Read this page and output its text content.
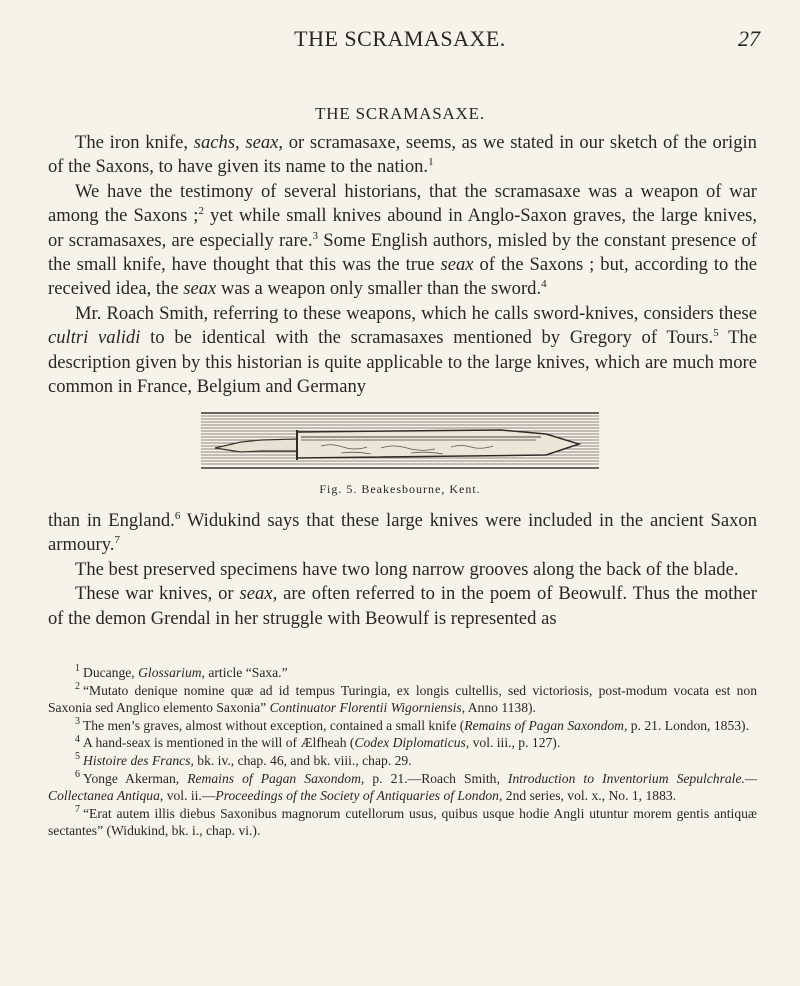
THE SCRAMASAXE.	27
THE SCRAMASAXE.

The iron knife, sachs, seax, or scramasaxe, seems, as we stated in our sketch of the origin of the Saxons, to have given its name to the nation.$^1$

We have the testimony of several historians, that the scramasaxe was a weapon of war among the Saxons ;$^2$ yet while small knives abound in Anglo-Saxon graves, the large knives, or scramasaxes, are especially rare.$^3$ Some English authors, misled by the constant presence of the small knife, have thought that this was the true seax of the Saxons ; but, according to the received idea, the seax was a weapon only smaller than the sword.$^4$

Mr. Roach Smith, referring to these weapons, which he calls sword-knives, considers these cultri validi to be identical with the scramasaxes mentioned by Gregory of Tours.$^5$ The description given by this historian is quite applicable to the large knives, which are much more common in France, Belgium and Germany

Fig. 5. Beakesbourne, Kent.

than in England.$^6$ Widukind says that these large knives were included in the ancient Saxon armoury.$^7$

The best preserved specimens have two long narrow grooves along the back of the blade.

These war knives, or seax, are often referred to in the poem of Beowulf. Thus the mother of the demon Grendal in her struggle with Beowulf is represented as

$^1$ Ducange, Glossarium, article “Saxa.”

$^2$ “Mutato denique nomine quæ ad id tempus Turingia, ex longis cultellis, sed victoriosis, post-modum vocata est non Saxonia sed Anglico elemento Saxonia” Continuator Florentii Wigorniensis, Anno 1138).

$^3$ The men’s graves, almost without exception, contained a small knife (Remains of Pagan Saxondom, p. 21. London, 1853).

$^4$ A hand-seax is mentioned in the will of Ælfheah (Codex Diplomaticus, vol. iii., p. 127).

$^5$ Histoire des Francs, bk. iv., chap. 46, and bk. viii., chap. 29.

$^6$ Yonge Akerman, Remains of Pagan Saxondom, p. 21.—Roach Smith, Introduction to Inventorium Sepulchrale.—Collectanea Antiqua, vol. ii.—Proceedings of the Society of Antiquaries of London, 2nd series, vol. x., No. 1, 1883.

$^7$ “Erat autem illis diebus Saxonibus magnorum cutellorum usus, quibus usque hodie Angli utuntur morem gentis antiquæ sectantes” (Widukind, bk. i., chap. vi.).
